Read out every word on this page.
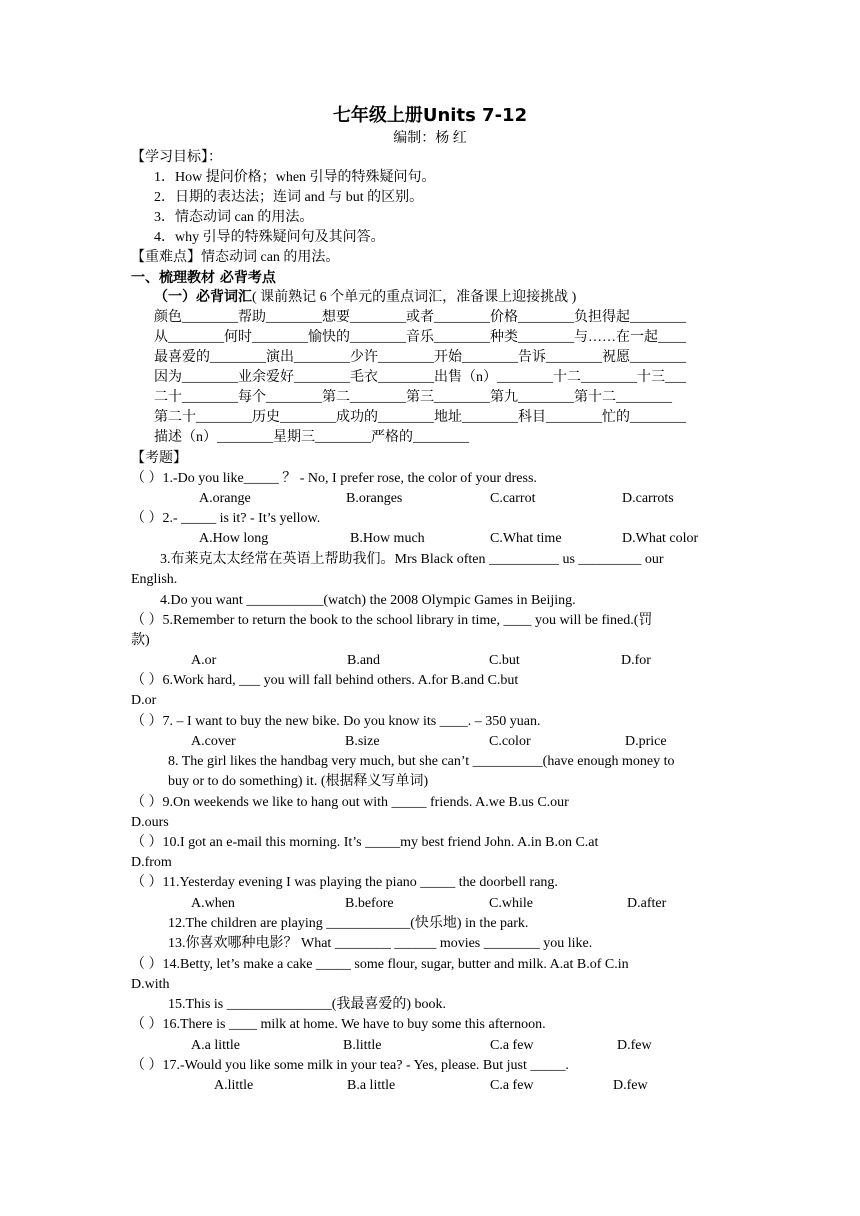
七年级上册Units 7-12
编制：杨 红
【学习目标】：
1．How 提问价格；when 引导的特殊疑问句。
2．日期的表达法；连词 and 与 but 的区别。
3．情态动词 can 的用法。
4．why 引导的特殊疑问句及其问答。
【重难点】情态动词 can 的用法。
一、梳理教材 必背考点
（一）必背词汇( 课前熟记 6 个单元的重点词汇，准备课上迎接挑战 )
颜色________帮助________想要________或者________价格________负担得起________
从________何时________愉快的________音乐________种类________与……在一起____
最喜爱的________演出________少许________开始________告诉________祝愿________
因为________业余爱好________毛衣________出售（n）________十二________十三___
二十________每个________第二________第三________第九________第十二________
第二十________历史________成功的________地址________科目________忙的________
描述（n）________星期三________严格的________
【考题】
（ ）1.-Do you like_____ ？ - No, I prefer rose, the color of your dress.
A.orange	B.oranges	C.carrot	D.carrots
（ ）2.- _____ is it? - It’s yellow.
A.How long	B.How much	C.What time	D.What color
3.布莱克太太经常在英语上帮助我们。Mrs Black often __________ us _________ our
English.
4.Do you want ___________(watch) the 2008 Olympic Games in Beijing.
（ ）5.Remember to return the book to the school library in time, ____ you will be fined.(罚
款)
A.or	B.and	C.but	D.for
（ ）6.Work hard, ___ you will fall behind others. A.for B.and C.but
D.or
（ ）7. – I want to buy the new bike. Do you know its ____. – 350 yuan.
A.cover	B.size	C.color	D.price
8. The girl likes the handbag very much, but she can’t __________(have enough money to
buy or to do something) it. (根据释义写单词)
（ ）9.On weekends we like to hang out with _____ friends. A.we B.us C.our
D.ours
（ ）10.I got an e-mail this morning. It’s _____my best friend John. A.in B.on C.at
D.from
（ ）11.Yesterday evening I was playing the piano _____ the doorbell rang.
A.when	B.before	C.while	D.after
12.The children are playing ____________(快乐地) in the park.
13.你喜欢哪种电影？ What ________ ______ movies ________ you like.
（ ）14.Betty, let’s make a cake _____ some flour, sugar, butter and milk. A.at B.of C.in
D.with
15.This is _______________(我最喜爱的) book.
（ ）16.There is ____ milk at home. We have to buy some this afternoon.
A.a little	B.little	C.a few	D.few
（ ）17.-Would you like some milk in your tea? - Yes, please. But just _____.
A.little	B.a little	C.a few	D.few
